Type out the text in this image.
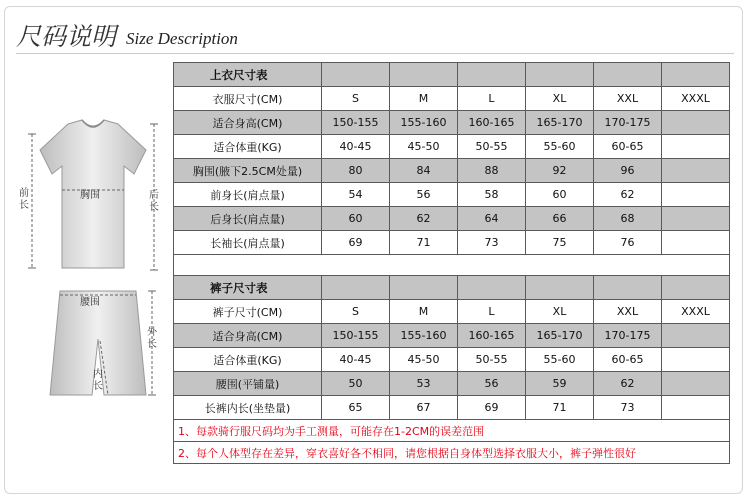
尺码说明 Size Description
前长
胸围	后长
腰围
外长
内长
上衣尺寸表						
衣服尺寸(CM)	S	M	L	XL	XXL	XXXL
适合身高(CM)	150-155	155-160	160-165	165-170	170-175	
适合体重(KG)	40-45	45-50	50-55	55-60	60-65	
胸围(腋下2.5CM处量)	80	84	88	92	96	
前身长(肩点量)	54	56	58	60	62	
后身长(肩点量)	60	62	64	66	68	
长袖长(肩点量)	69	71	73	75	76	

裤子尺寸表						
裤子尺寸(CM)	S	M	L	XL	XXL	XXXL
适合身高(CM)	150-155	155-160	160-165	165-170	170-175	
适合体重(KG)	40-45	45-50	50-55	55-60	60-65	
腰围(平铺量)	50	53	56	59	62	
长裤内长(坐垫量)	65	67	69	71	73	
1、每款骑行服尺码均为手工测量，可能存在1-2CM的误差范围						
2、每个人体型存在差异，穿衣喜好各不相同，请您根据自身体型选择衣服大小，裤子弹性很好						
